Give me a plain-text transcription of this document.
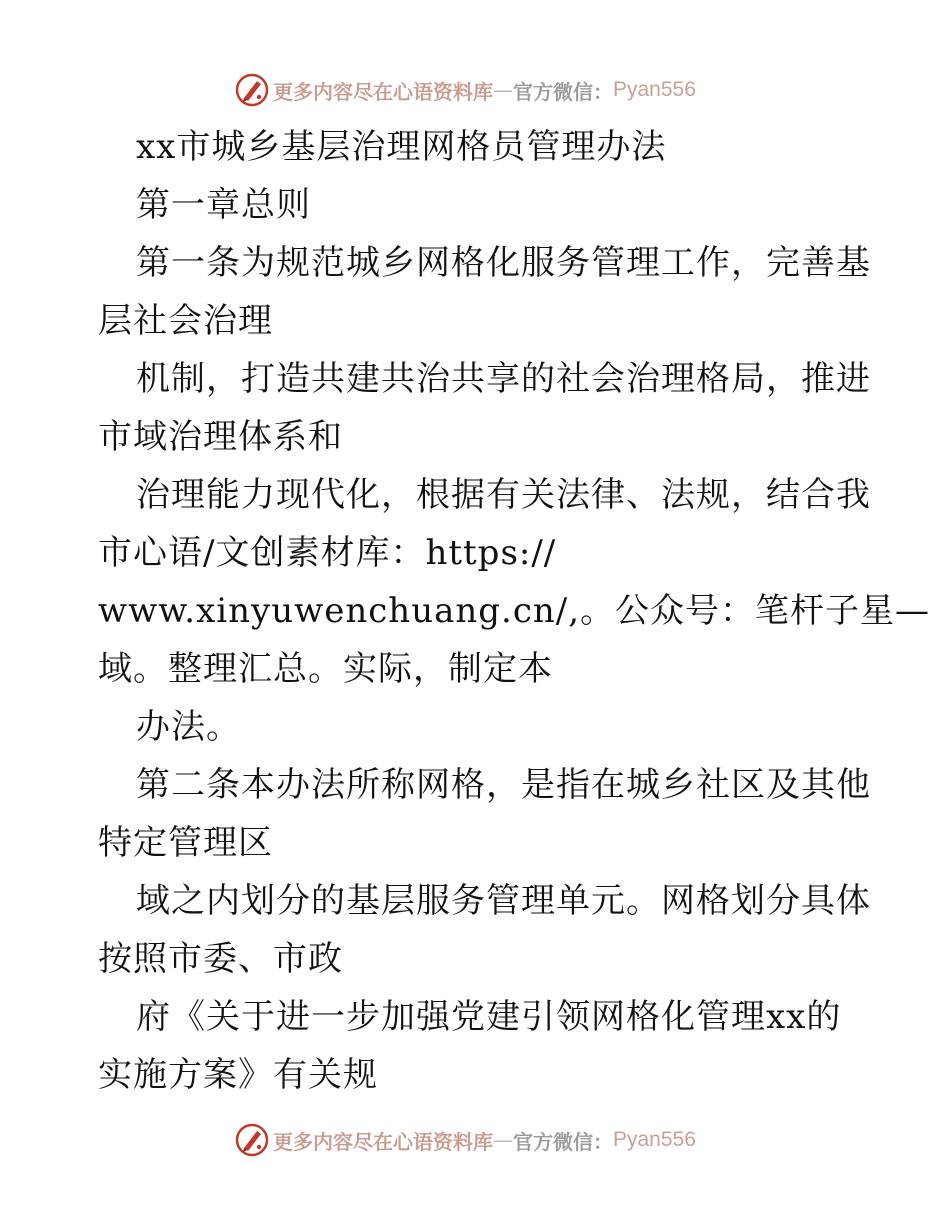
更多内容尽在心语资料库 — 官方微信： Pyan556
xx市城乡基层治理网格员管理办法
第一章总则
第一条为规范城乡网格化服务管理工作，完善基
层社会治理
机制，打造共建共治共享的社会治理格局，推进
市域治理体系和
治理能力现代化，根据有关法律、法规，结合我
市心语/文创素材库：https://
www.xinyuwenchuang.cn/,。公众号：笔杆子星—
域。整理汇总。实际，制定本
办法。
第二条本办法所称网格，是指在城乡社区及其他
特定管理区
域之内划分的基层服务管理单元。网格划分具体
按照市委、市政
府《关于进一步加强党建引领网格化管理xx的
实施方案》有关规
更多内容尽在心语资料库 — 官方微信： Pyan556
